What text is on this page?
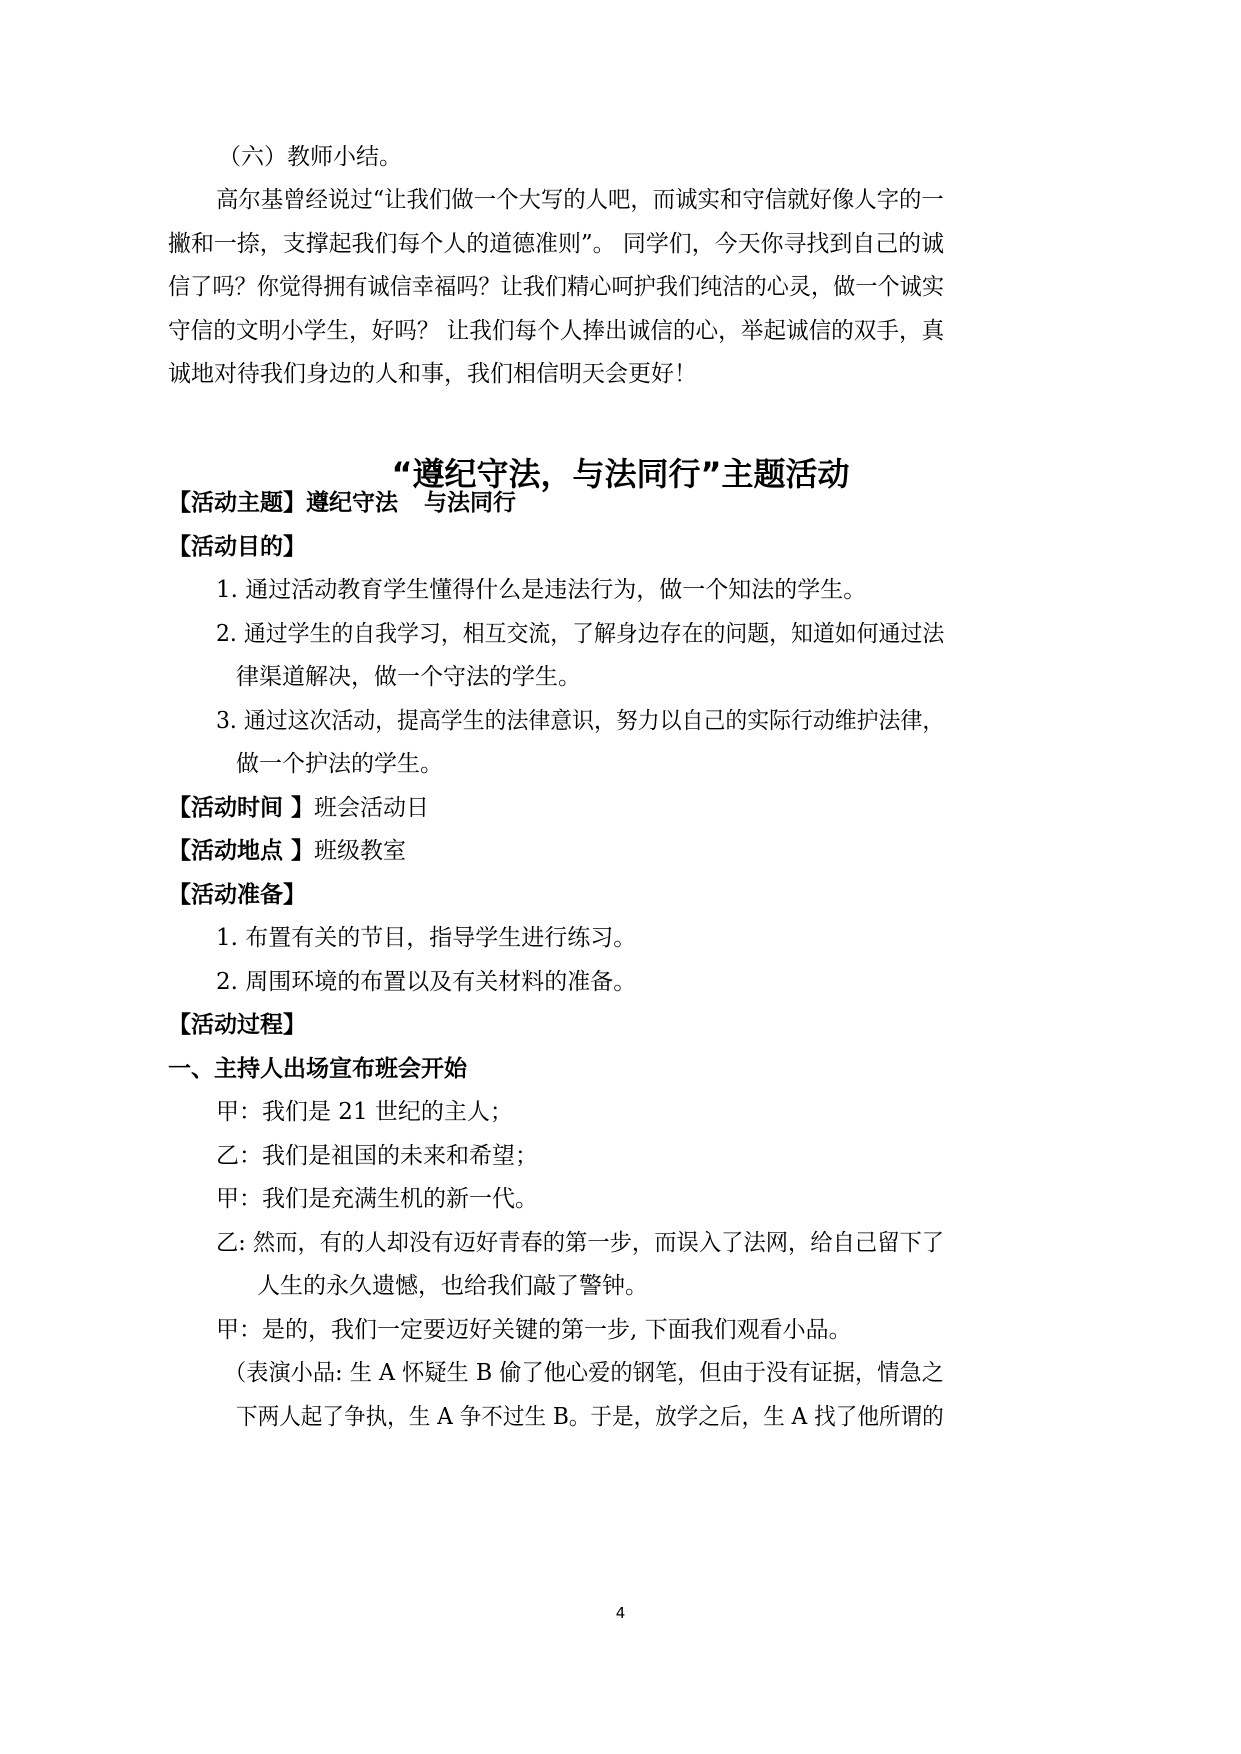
（六）教师小结。
高尔基曾经说过“让我们做一个大写的人吧，而诚实和守信就好像人字的一
撇和一捺，支撑起我们每个人的道德准则”。 同学们，今天你寻找到自己的诚
信了吗？你觉得拥有诚信幸福吗？让我们精心呵护我们纯洁的心灵，做一个诚实
守信的文明小学生，好吗？ 让我们每个人捧出诚信的心，举起诚信的双手，真
诚地对待我们身边的人和事，我们相信明天会更好！
“遵纪守法，与法同行”主题活动
【活动主题】遵纪守法 与法同行
【活动目的】
1. 通过活动教育学生懂得什么是违法行为，做一个知法的学生。
2. 通过学生的自我学习，相互交流，了解身边存在的问题，知道如何通过法
律渠道解决，做一个守法的学生。
3. 通过这次活动，提高学生的法律意识，努力以自己的实际行动维护法律，
做一个护法的学生。
【活动时间 】班会活动日
【活动地点 】班级教室
【活动准备】
1. 布置有关的节目，指导学生进行练习。
2. 周围环境的布置以及有关材料的准备。
【活动过程】
一、主持人出场宣布班会开始
甲：我们是 21 世纪的主人；
乙：我们是祖国的未来和希望；
甲：我们是充满生机的新一代。
乙: 然而，有的人却没有迈好青春的第一步，而误入了法网，给自己留下了
人生的永久遗憾，也给我们敲了警钟。
甲：是的，我们一定要迈好关键的第一步, 下面我们观看小品。
（表演小品: 生 A 怀疑生 B 偷了他心爱的钢笔，但由于没有证据，情急之
下两人起了争执，生 A 争不过生 B。于是，放学之后，生 A 找了他所谓的
4
